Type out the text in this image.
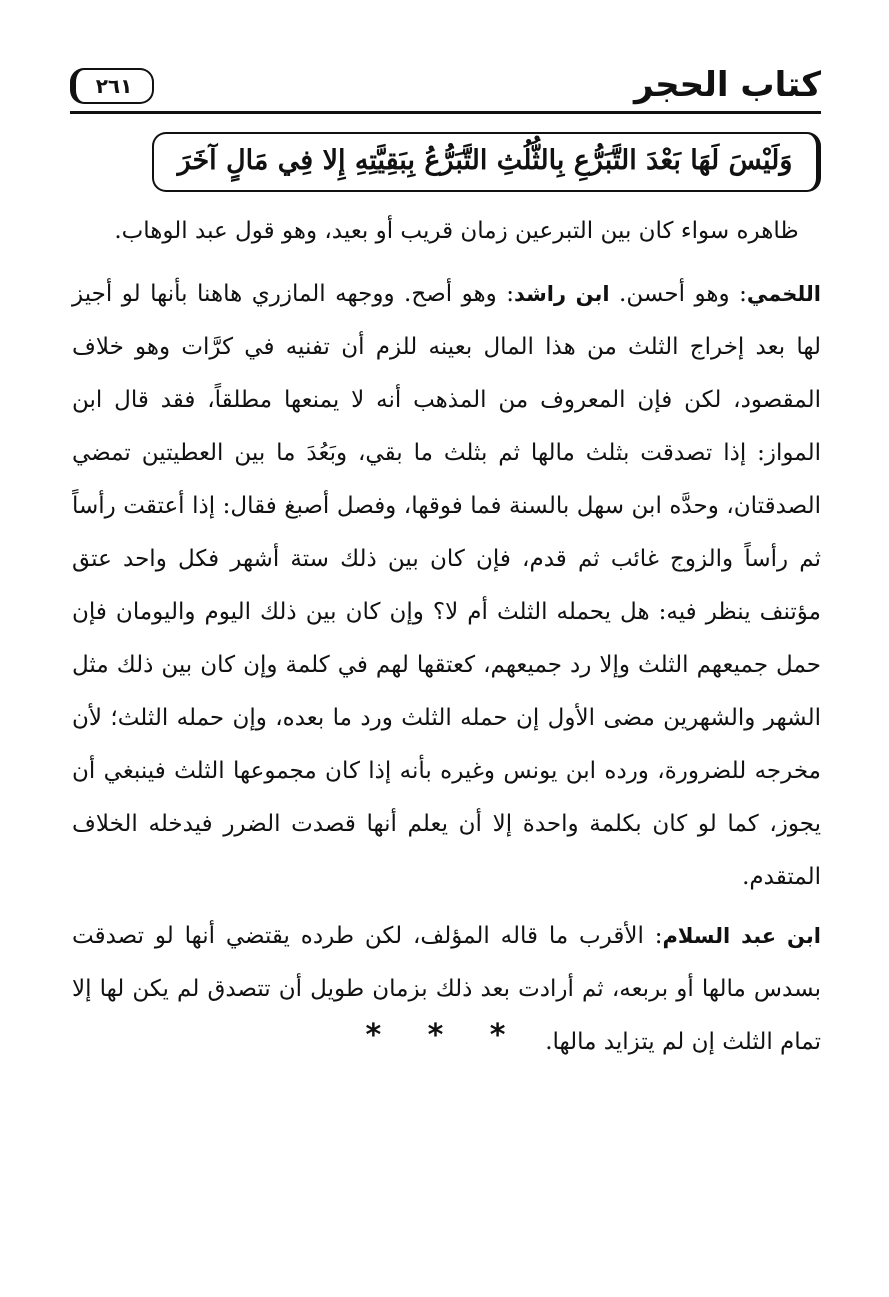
كتاب الحجر
٢٦١
وَلَيْسَ لَهَا بَعْدَ التَّبَرُّعِ بِالثُّلُثِ التَّبَرُّعُ بِبَقِيَّتِهِ إِلا فِي مَالٍ آخَرَ

ظاهره سواء كان بين التبرعين زمان قريب أو بعيد، وهو قول عبد الوهاب.

اللخمي: وهو أحسن. ابن راشد: وهو أصح. ووجهه المازري هاهنا بأنها لو أجيز لها بعد إخراج الثلث من هذا المال بعينه للزم أن تفنيه في كرَّات وهو خلاف المقصود، لكن فإن المعروف من المذهب أنه لا يمنعها مطلقاً، فقد قال ابن المواز: إذا تصدقت بثلث مالها ثم بثلث ما بقي، وبَعُدَ ما بين العطيتين تمضي الصدقتان، وحدَّه ابن سهل بالسنة فما فوقها، وفصل أصبغ فقال: إذا أعتقت رأساً ثم رأساً والزوج غائب ثم قدم، فإن كان بين ذلك ستة أشهر فكل واحد عتق مؤتنف ينظر فيه: هل يحمله الثلث أم لا؟ وإن كان بين ذلك اليوم واليومان فإن حمل جميعهم الثلث وإلا رد جميعهم، كعتقها لهم في كلمة وإن كان بين ذلك مثل الشهر والشهرين مضى الأول إن حمله الثلث ورد ما بعده، وإن حمله الثلث؛ لأن مخرجه للضرورة، ورده ابن يونس وغيره بأنه إذا كان مجموعها الثلث فينبغي أن يجوز، كما لو كان بكلمة واحدة إلا أن يعلم أنها قصدت الضرر فيدخله الخلاف المتقدم.

ابن عبد السلام: الأقرب ما قاله المؤلف، لكن طرده يقتضي أنها لو تصدقت بسدس مالها أو بربعه، ثم أرادت بعد ذلك بزمان طويل أن تتصدق لم يكن لها إلا تمام الثلث إن لم يتزايد مالها.

* * *
